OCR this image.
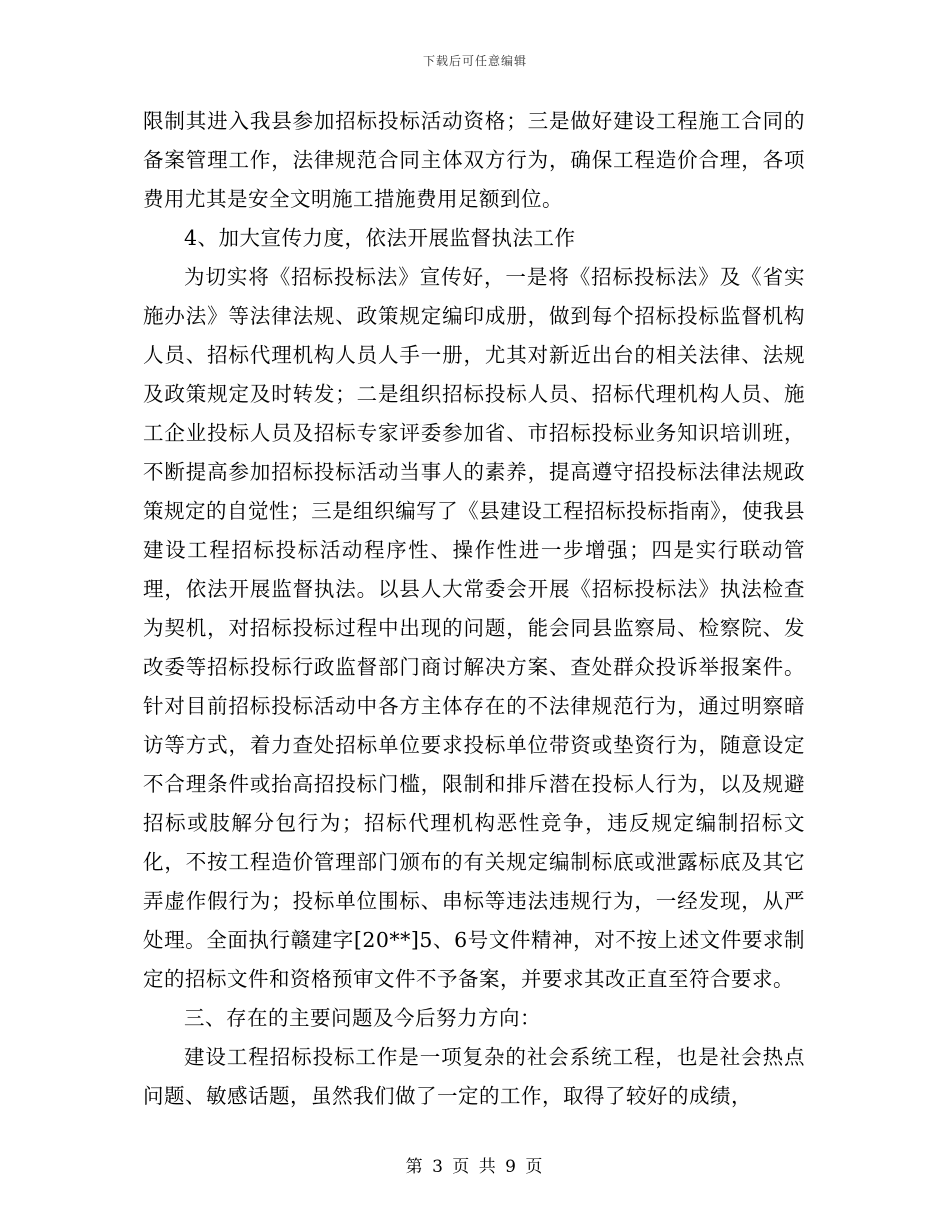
下载后可任意编辑

限制其进入我县参加招标投标活动资格；三是做好建设工程施工合同的备案管理工作，法律规范合同主体双方行为，确保工程造价合理，各项费用尤其是安全文明施工措施费用足额到位。

4、加大宣传力度，依法开展监督执法工作

为切实将《招标投标法》宣传好，一是将《招标投标法》及《省实施办法》等法律法规、政策规定编印成册，做到每个招标投标监督机构人员、招标代理机构人员人手一册，尤其对新近出台的相关法律、法规及政策规定及时转发；二是组织招标投标人员、招标代理机构人员、施工企业投标人员及招标专家评委参加省、市招标投标业务知识培训班，不断提高参加招标投标活动当事人的素养，提高遵守招投标法律法规政策规定的自觉性；三是组织编写了《县建设工程招标投标指南》，使我县建设工程招标投标活动程序性、操作性进一步增强；四是实行联动管理，依法开展监督执法。以县人大常委会开展《招标投标法》执法检查为契机，对招标投标过程中出现的问题，能会同县监察局、检察院、发改委等招标投标行政监督部门商讨解决方案、查处群众投诉举报案件。针对目前招标投标活动中各方主体存在的不法律规范行为，通过明察暗访等方式，着力查处招标单位要求投标单位带资或垫资行为，随意设定不合理条件或抬高招投标门槛，限制和排斥潜在投标人行为，以及规避招标或肢解分包行为；招标代理机构恶性竞争，违反规定编制招标文化，不按工程造价管理部门颁布的有关规定编制标底或泄露标底及其它弄虚作假行为；投标单位围标、串标等违法违规行为，一经发现，从严处理。全面执行赣建字[20**]5、6号文件精神，对不按上述文件要求制定的招标文件和资格预审文件不予备案，并要求其改正直至符合要求。

三、存在的主要问题及今后努力方向：

建设工程招标投标工作是一项复杂的社会系统工程，也是社会热点问题、敏感话题，虽然我们做了一定的工作，取得了较好的成绩，

第 3 页 共 9 页
